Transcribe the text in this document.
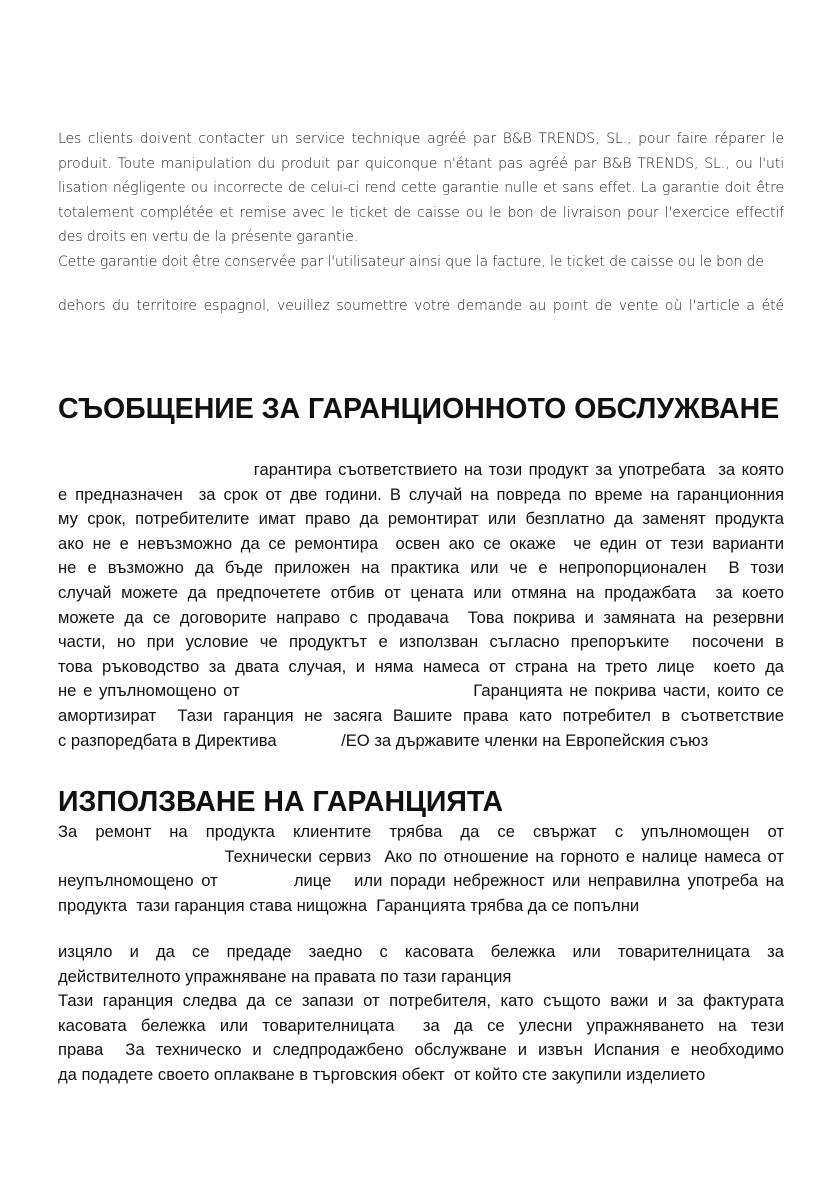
Les clients doivent contacter un service technique agréé par B&B TRENDS, SL., pour faire réparer le produit. Toute manipulation du produit par quiconque n'étant pas agréé par B&B TRENDS, SL., ou l'uti lisation négligente ou incorrecte de celui-ci rend cette garantie nulle et sans effet. La garantie doit être totalement complétée et remise avec le ticket de caisse ou le bon de livraison pour l'exercice effectif des droits en vertu de la présente garantie.

Cette garantie doit être conservée par l'utilisateur ainsi que la facture, le ticket de caisse ou le bon de

dehors du territoire espagnol, veuillez soumettre votre demande au point de vente où l'article a été

СЪОБЩЕНИЕ ЗА ГАРАНЦИОННОТО ОБСЛУЖВАНЕ
гарантира съответствието на този продукт за употребата  за която
е предназначен  за срок от две години. В случай на повреда по време на гаранционния
му срок, потребителите имат право да ремонтират или безплатно да заменят продукта
ако не е невъзможно да се ремонтира  освен ако се окаже  че един от тези варианти
не е възможно да бъде приложен на практика или че е непропорционален  В този
случай можете да предпочетете отбив от цената или отмяна на продажбата  за което
можете да се договорите направо с продавача  Това покрива и замяната на резервни
части, но при условие че продуктът е използван съгласно препоръките  посочени в
това ръководство за двата случая, и няма намеса от страна на трето лице  което да
не е упълномощено от                                   Гаранцията не покрива части, които се
амортизират  Тази гаранция не засяга Вашите права като потребител в съответствие
с разпоредбата в Директива              /ЕО за държавите членки на Европейския съюз
ИЗПОЛЗВАНЕ НА ГАРАНЦИЯТА
За ремонт на продукта клиентите трябва да се свържат с упълномощен от
Технически сервиз  Ако по отношение на горното е налице намеса от
неупълномощено от          лице   или поради небрежност или неправилна употреба на
продукта  тази гаранция става нищожна  Гаранцията трябва да се попълни
изцяло и да се предаде заедно с касовата бележка или товарителницата за
действителното упражняване на правата по тази гаранция
Тази гаранция следва да се запази от потребителя, като същото важи и за фактурата
касовата бележка или товарителницата  за да се улесни упражняването на тези
права  За техническо и следпродажбено обслужване и извън Испания е необходимо
да подадете своето оплакване в търговския обект  от който сте закупили изделието
